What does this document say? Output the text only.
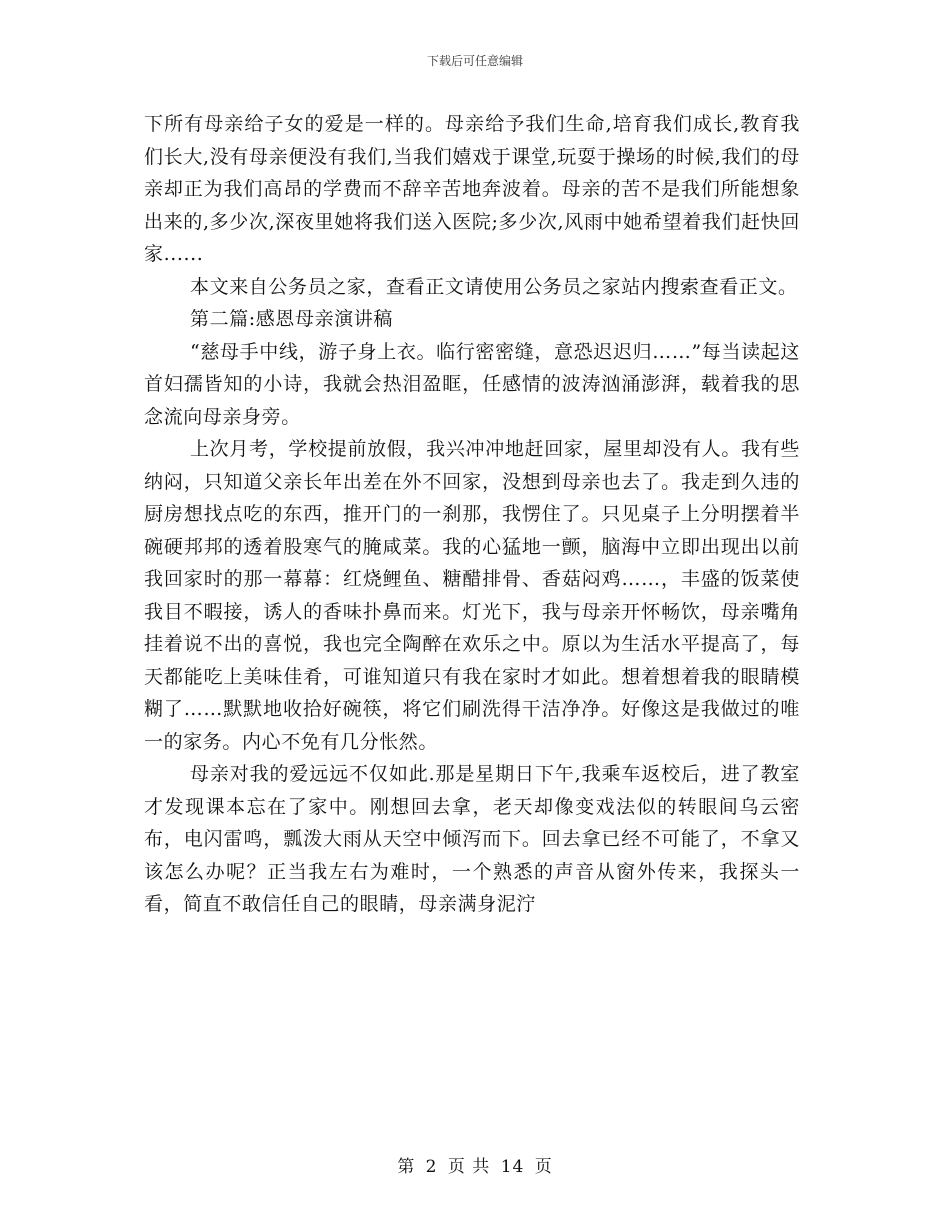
下载后可任意编辑

下所有母亲给子女的爱是一样的。母亲给予我们生命,培育我们成长,教育我们长大,没有母亲便没有我们,当我们嬉戏于课堂,玩耍于操场的时候,我们的母亲却正为我们高昂的学费而不辞辛苦地奔波着。母亲的苦不是我们所能想象出来的,多少次,深夜里她将我们送入医院;多少次,风雨中她希望着我们赶快回家......

本文来自公务员之家，查看正文请使用公务员之家站内搜索查看正文。

第二篇:感恩母亲演讲稿

“慈母手中线，游子身上衣。临行密密缝，意恐迟迟归……”每当读起这首妇孺皆知的小诗，我就会热泪盈眶，任感情的波涛汹涌澎湃，载着我的思念流向母亲身旁。

上次月考，学校提前放假，我兴冲冲地赶回家，屋里却没有人。我有些纳闷，只知道父亲长年出差在外不回家，没想到母亲也去了。我走到久违的厨房想找点吃的东西，推开门的一刹那，我愣住了。只见桌子上分明摆着半碗硬邦邦的透着股寒气的腌咸菜。我的心猛地一颤，脑海中立即出现出以前我回家时的那一幕幕：红烧鲤鱼、糖醋排骨、香菇闷鸡……，丰盛的饭菜使我目不暇接，诱人的香味扑鼻而来。灯光下，我与母亲开怀畅饮，母亲嘴角挂着说不出的喜悦，我也完全陶醉在欢乐之中。原以为生活水平提高了，每天都能吃上美味佳肴，可谁知道只有我在家时才如此。想着想着我的眼睛模糊了……默默地收拾好碗筷，将它们刷洗得干洁净净。好像这是我做过的唯一的家务。内心不免有几分怅然。

母亲对我的爱远远不仅如此.那是星期日下午,我乘车返校后，进了教室才发现课本忘在了家中。刚想回去拿，老天却像变戏法似的转眼间乌云密布，电闪雷鸣，瓢泼大雨从天空中倾泻而下。回去拿已经不可能了，不拿又该怎么办呢？正当我左右为难时，一个熟悉的声音从窗外传来，我探头一看，简直不敢信任自己的眼睛，母亲满身泥泞

第 2 页 共 14 页
